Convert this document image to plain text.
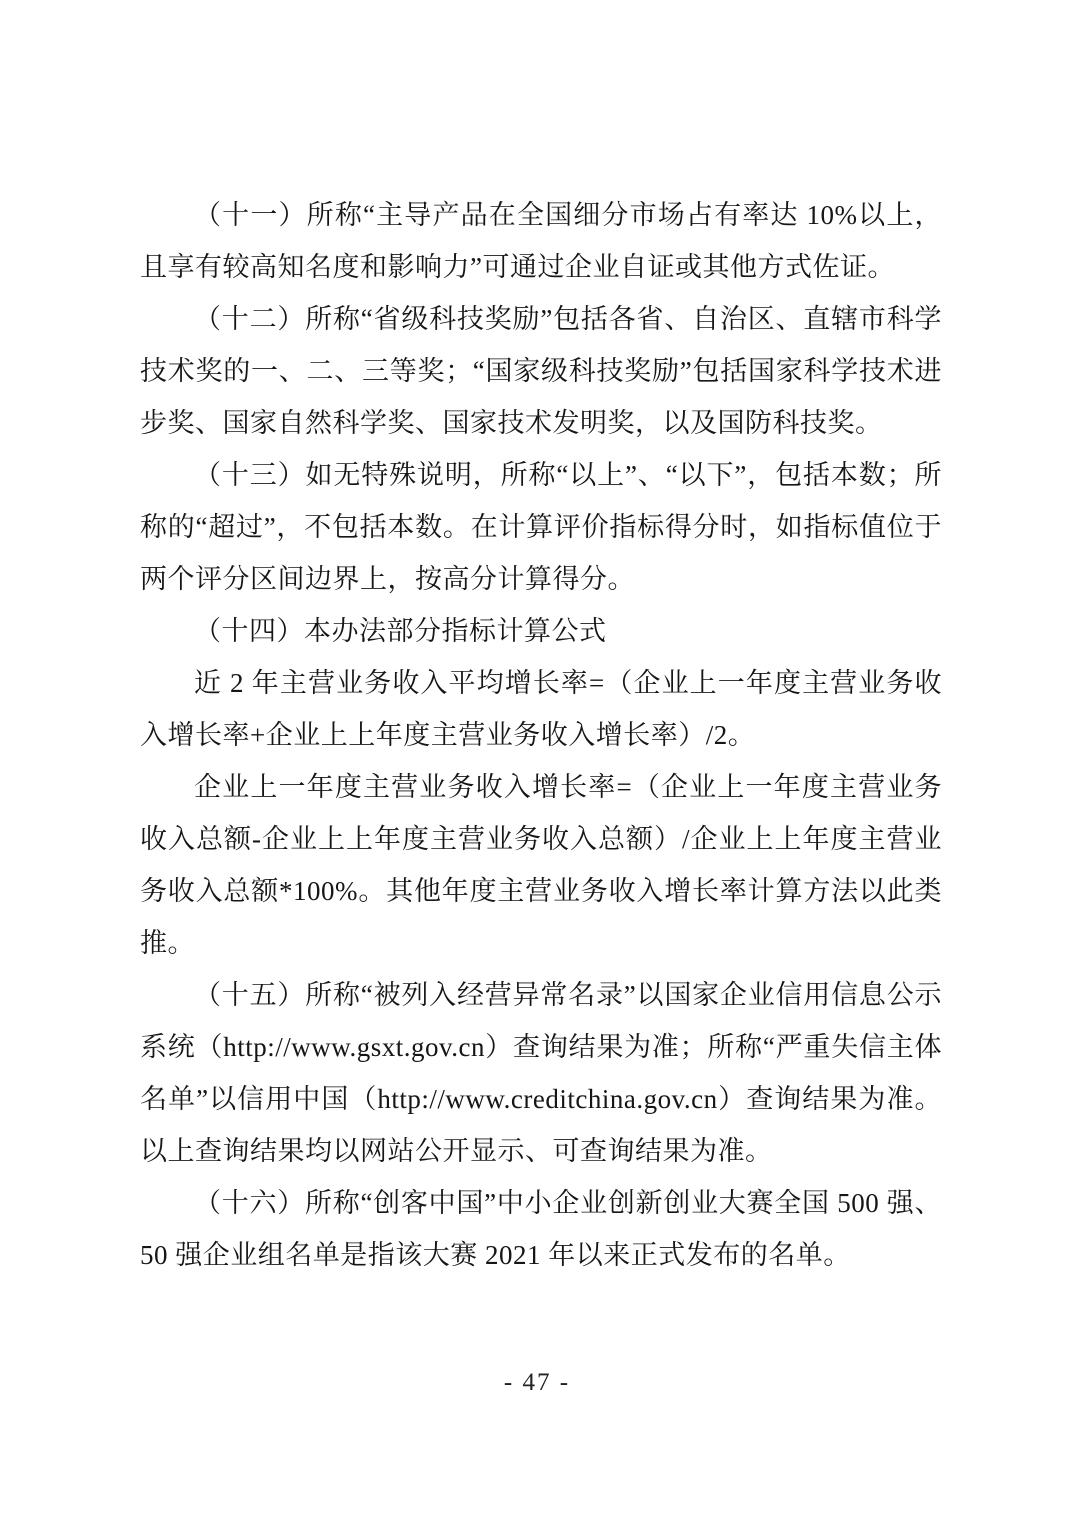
（十一）所称“主导产品在全国细分市场占有率达 10%以上，且享有较高知名度和影响力”可通过企业自证或其他方式佐证。

（十二）所称“省级科技奖励”包括各省、自治区、直辖市科学技术奖的一、二、三等奖；“国家级科技奖励”包括国家科学技术进步奖、国家自然科学奖、国家技术发明奖，以及国防科技奖。

（十三）如无特殊说明，所称“以上”、“以下”，包括本数；所称的“超过”，不包括本数。在计算评价指标得分时，如指标值位于两个评分区间边界上，按高分计算得分。

（十四）本办法部分指标计算公式

近 2 年主营业务收入平均增长率=（企业上一年度主营业务收入增长率+企业上上年度主营业务收入增长率）/2。

企业上一年度主营业务收入增长率=（企业上一年度主营业务收入总额-企业上上年度主营业务收入总额）/企业上上年度主营业务收入总额*100%。其他年度主营业务收入增长率计算方法以此类推。

（十五）所称“被列入经营异常名录”以国家企业信用信息公示系统（http://www.gsxt.gov.cn）查询结果为准；所称“严重失信主体名单”以信用中国（http://www.creditchina.gov.cn）查询结果为准。以上查询结果均以网站公开显示、可查询结果为准。

（十六）所称“创客中国”中小企业创新创业大赛全国 500 强、50 强企业组名单是指该大赛 2021 年以来正式发布的名单。

- 47 -
